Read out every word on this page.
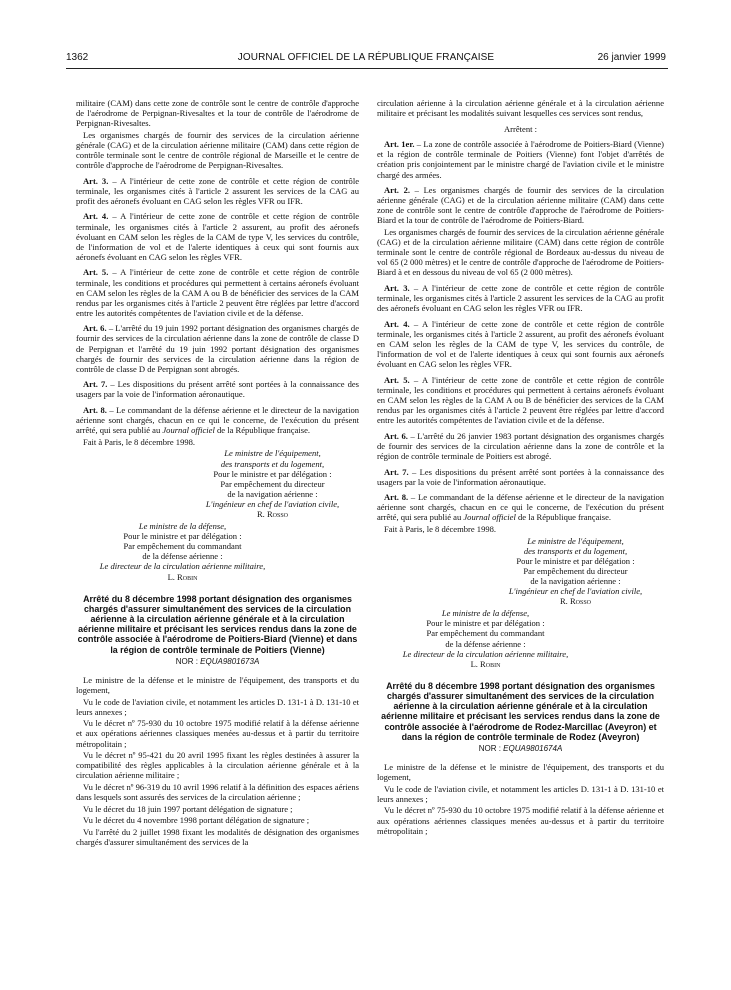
1362	JOURNAL OFFICIEL DE LA RÉPUBLIQUE FRANÇAISE	26 janvier 1999

militaire (CAM) dans cette zone de contrôle sont le centre de contrôle d'approche de l'aérodrome de Perpignan-Rivesaltes et la tour de contrôle de l'aérodrome de Perpignan-Rivesaltes.

Les organismes chargés de fournir des services de la circulation aérienne générale (CAG) et de la circulation aérienne militaire (CAM) dans cette région de contrôle terminale sont le centre de contrôle régional de Marseille et le centre de contrôle d'approche de l'aérodrome de Perpignan-Rivesaltes.

Art. 3. – A l'intérieur de cette zone de contrôle et cette région de contrôle terminale, les organismes cités à l'article 2 assurent les services de la CAG au profit des aéronefs évoluant en CAG selon les règles VFR ou IFR.

Art. 4. – A l'intérieur de cette zone de contrôle et cette région de contrôle terminale, les organismes cités à l'article 2 assurent, au profit des aéronefs évoluant en CAM selon les règles de la CAM de type V, les services du contrôle, de l'information de vol et de l'alerte identiques à ceux qui sont fournis aux aéronefs évoluant en CAG selon les règles VFR.

Art. 5. – A l'intérieur de cette zone de contrôle et cette région de contrôle terminale, les conditions et procédures qui permettent à certains aéronefs évoluant en CAM selon les règles de la CAM A ou B de bénéficier des services de la CAM rendus par les organismes cités à l'article 2 peuvent être réglées par lettre d'accord entre les autorités compétentes de l'aviation civile et de la défense.

Art. 6. – L'arrêté du 19 juin 1992 portant désignation des organismes chargés de fournir des services de la circulation aérienne dans la zone de contrôle de classe D de Perpignan et l'arrêté du 19 juin 1992 portant désignation des organismes chargés de fournir des services de la circulation aérienne dans la région de contrôle de classe D de Perpignan sont abrogés.

Art. 7. – Les dispositions du présent arrêté sont portées à la connaissance des usagers par la voie de l'information aéronautique.

Art. 8. – Le commandant de la défense aérienne et le directeur de la navigation aérienne sont chargés, chacun en ce qui le concerne, de l'exécution du présent arrêté, qui sera publié au Journal officiel de la République française.

Fait à Paris, le 8 décembre 1998.

Le ministre de l'équipement,
des transports et du logement,
Pour le ministre et par délégation :
Par empêchement du directeur
de la navigation aérienne :
L'ingénieur en chef de l'aviation civile,
R. Rosso
Le ministre de la défense,
Pour le ministre et par délégation :
Par empêchement du commandant
de la défense aérienne :
Le directeur de la circulation aérienne militaire,
L. Robin
Arrêté du 8 décembre 1998 portant désignation des organismes chargés d'assurer simultanément des services de la circulation aérienne à la circulation aérienne générale et à la circulation aérienne militaire et précisant les services rendus dans la zone de contrôle associée à l'aérodrome de Poitiers-Biard (Vienne) et dans la région de contrôle terminale de Poitiers (Vienne)
NOR : EQUA9801673A

Le ministre de la défense et le ministre de l'équipement, des transports et du logement,

Vu le code de l'aviation civile, et notamment les articles D. 131-1 à D. 131-10 et leurs annexes ;

Vu le décret nº 75-930 du 10 octobre 1975 modifié relatif à la défense aérienne et aux opérations aériennes classiques menées au-dessus et à partir du territoire métropolitain ;

Vu le décret nº 95-421 du 20 avril 1995 fixant les règles destinées à assurer la compatibilité des règles applicables à la circulation aérienne générale et à la circulation aérienne militaire ;

Vu le décret nº 96-319 du 10 avril 1996 relatif à la définition des espaces aériens dans lesquels sont assurés des services de la circulation aérienne ;

Vu le décret du 18 juin 1997 portant délégation de signature ;

Vu le décret du 4 novembre 1998 portant délégation de signature ;

Vu l'arrêté du 2 juillet 1998 fixant les modalités de désignation des organismes chargés d'assurer simultanément des services de la

circulation aérienne à la circulation aérienne générale et à la circulation aérienne militaire et précisant les modalités suivant lesquelles ces services sont rendus,

Arrêtent :

Art. 1er. – La zone de contrôle associée à l'aérodrome de Poitiers-Biard (Vienne) et la région de contrôle terminale de Poitiers (Vienne) font l'objet d'arrêtés de création pris conjointement par le ministre chargé de l'aviation civile et le ministre chargé des armées.

Art. 2. – Les organismes chargés de fournir des services de la circulation aérienne générale (CAG) et de la circulation aérienne militaire (CAM) dans cette zone de contrôle sont le centre de contrôle d'approche de l'aérodrome de Poitiers-Biard et la tour de contrôle de l'aérodrome de Poitiers-Biard.

Les organismes chargés de fournir des services de la circulation aérienne générale (CAG) et de la circulation aérienne militaire (CAM) dans cette région de contrôle terminale sont le centre de contrôle régional de Bordeaux au-dessus du niveau de vol 65 (2 000 mètres) et le centre de contrôle d'approche de l'aérodrome de Poitiers-Biard à et en dessous du niveau de vol 65 (2 000 mètres).

Art. 3. – A l'intérieur de cette zone de contrôle et cette région de contrôle terminale, les organismes cités à l'article 2 assurent les services de la CAG au profit des aéronefs évoluant en CAG selon les règles VFR ou IFR.

Art. 4. – A l'intérieur de cette zone de contrôle et cette région de contrôle terminale, les organismes cités à l'article 2 assurent, au profit des aéronefs évoluant en CAM selon les règles de la CAM de type V, les services du contrôle, de l'information de vol et de l'alerte identiques à ceux qui sont fournis aux aéronefs évoluant en CAG selon les règles VFR.

Art. 5. – A l'intérieur de cette zone de contrôle et cette région de contrôle terminale, les conditions et procédures qui permettent à certains aéronefs évoluant en CAM selon les règles de la CAM A ou B de bénéficier des services de la CAM rendus par les organismes cités à l'article 2 peuvent être réglées par lettre d'accord entre les autorités compétentes de l'aviation civile et de la défense.

Art. 6. – L'arrêté du 26 janvier 1983 portant désignation des organismes chargés de fournir des services de la circulation aérienne dans la zone de contrôle et la région de contrôle terminale de Poitiers est abrogé.

Art. 7. – Les dispositions du présent arrêté sont portées à la connaissance des usagers par la voie de l'information aéronautique.

Art. 8. – Le commandant de la défense aérienne et le directeur de la navigation aérienne sont chargés, chacun en ce qui le concerne, de l'exécution du présent arrêté, qui sera publié au Journal officiel de la République française.

Fait à Paris, le 8 décembre 1998.

Le ministre de l'équipement,
des transports et du logement,
Pour le ministre et par délégation :
Par empêchement du directeur
de la navigation aérienne :
L'ingénieur en chef de l'aviation civile,
R. Rosso
Le ministre de la défense,
Pour le ministre et par délégation :
Par empêchement du commandant
de la défense aérienne :
Le directeur de la circulation aérienne militaire,
L. Robin
Arrêté du 8 décembre 1998 portant désignation des organismes chargés d'assurer simultanément des services de la circulation aérienne à la circulation aérienne générale et à la circulation aérienne militaire et précisant les services rendus dans la zone de contrôle associée à l'aérodrome de Rodez-Marcillac (Aveyron) et dans la région de contrôle terminale de Rodez (Aveyron)
NOR : EQUA9801674A

Le ministre de la défense et le ministre de l'équipement, des transports et du logement,

Vu le code de l'aviation civile, et notamment les articles D. 131-1 à D. 131-10 et leurs annexes ;

Vu le décret nº 75-930 du 10 octobre 1975 modifié relatif à la défense aérienne et aux opérations aériennes classiques menées au-dessus et à partir du territoire métropolitain ;
